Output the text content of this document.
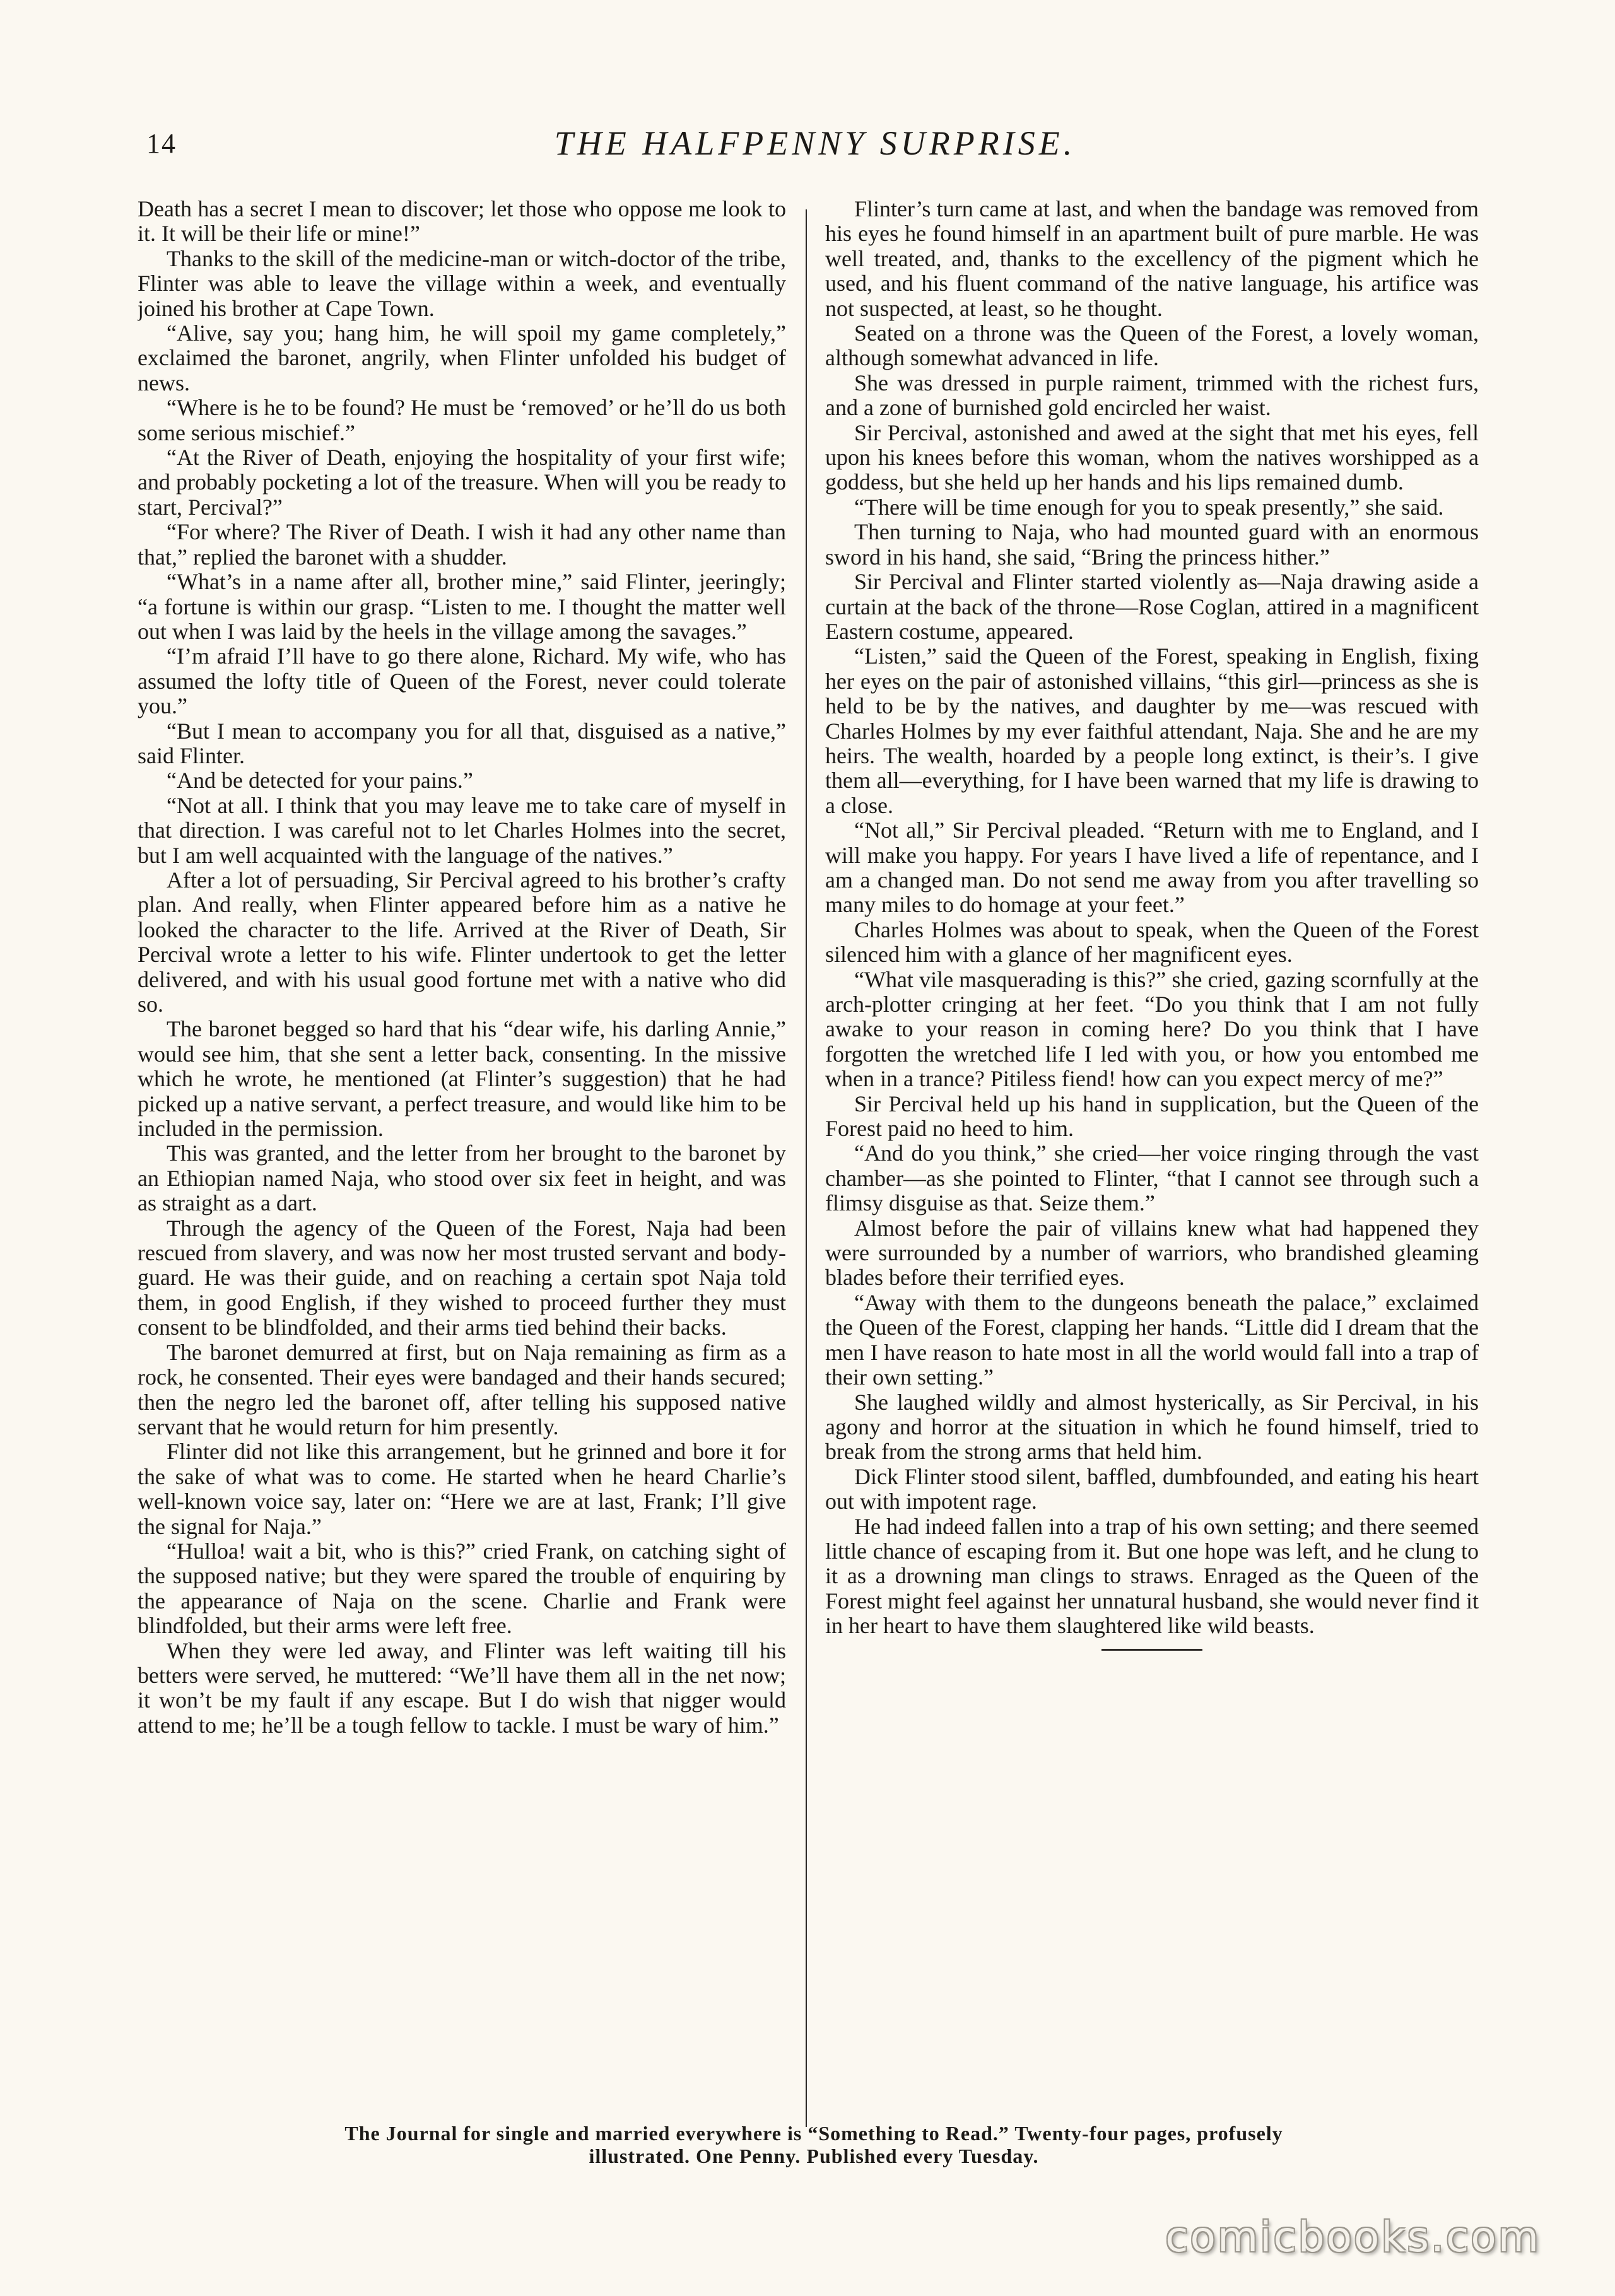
14	THE HALFPENNY SURPRISE.

Death has a secret I mean to discover; let those who oppose me look to it. It will be their life or mine!”

Thanks to the skill of the medicine-man or witch-doctor of the tribe, Flinter was able to leave the village within a week, and eventually joined his brother at Cape Town.

“Alive, say you; hang him, he will spoil my game completely,” exclaimed the baronet, angrily, when Flinter unfolded his budget of news.

“Where is he to be found? He must be ‘removed’ or he’ll do us both some serious mischief.”

“At the River of Death, enjoying the hospitality of your first wife; and probably pocketing a lot of the treasure. When will you be ready to start, Percival?”

“For where? The River of Death. I wish it had any other name than that,” replied the baronet with a shudder.

“What’s in a name after all, brother mine,” said Flinter, jeeringly; “a fortune is within our grasp. “Listen to me. I thought the matter well out when I was laid by the heels in the village among the savages.”

“I’m afraid I’ll have to go there alone, Richard. My wife, who has assumed the lofty title of Queen of the Forest, never could tolerate you.”

“But I mean to accompany you for all that, disguised as a native,” said Flinter.

“And be detected for your pains.”

“Not at all. I think that you may leave me to take care of myself in that direction. I was careful not to let Charles Holmes into the secret, but I am well acquainted with the language of the natives.”

After a lot of persuading, Sir Percival agreed to his brother’s crafty plan. And really, when Flinter appeared before him as a native he looked the character to the life. Arrived at the River of Death, Sir Percival wrote a letter to his wife. Flinter undertook to get the letter delivered, and with his usual good fortune met with a native who did so.

The baronet begged so hard that his “dear wife, his darling Annie,” would see him, that she sent a letter back, consenting. In the missive which he wrote, he mentioned (at Flinter’s suggestion) that he had picked up a native servant, a perfect treasure, and would like him to be included in the permission.

This was granted, and the letter from her brought to the baronet by an Ethiopian named Naja, who stood over six feet in height, and was as straight as a dart.

Through the agency of the Queen of the Forest, Naja had been rescued from slavery, and was now her most trusted servant and body-guard. He was their guide, and on reaching a certain spot Naja told them, in good English, if they wished to proceed further they must consent to be blindfolded, and their arms tied behind their backs.

The baronet demurred at first, but on Naja remaining as firm as a rock, he consented. Their eyes were bandaged and their hands secured; then the negro led the baronet off, after telling his supposed native servant that he would return for him presently.

Flinter did not like this arrangement, but he grinned and bore it for the sake of what was to come. He started when he heard Charlie’s well-known voice say, later on: “Here we are at last, Frank; I’ll give the signal for Naja.”

“Hulloa! wait a bit, who is this?” cried Frank, on catching sight of the supposed native; but they were spared the trouble of enquiring by the appearance of Naja on the scene. Charlie and Frank were blindfolded, but their arms were left free.

When they were led away, and Flinter was left waiting till his betters were served, he muttered: “We’ll have them all in the net now; it won’t be my fault if any escape. But I do wish that nigger would attend to me; he’ll be a tough fellow to tackle. I must be wary of him.”

Flinter’s turn came at last, and when the bandage was removed from his eyes he found himself in an apartment built of pure marble. He was well treated, and, thanks to the excellency of the pigment which he used, and his fluent command of the native language, his artifice was not suspected, at least, so he thought.

Seated on a throne was the Queen of the Forest, a lovely woman, although somewhat advanced in life.

She was dressed in purple raiment, trimmed with the richest furs, and a zone of burnished gold encircled her waist.

Sir Percival, astonished and awed at the sight that met his eyes, fell upon his knees before this woman, whom the natives worshipped as a goddess, but she held up her hands and his lips remained dumb.

“There will be time enough for you to speak presently,” she said.

Then turning to Naja, who had mounted guard with an enormous sword in his hand, she said, “Bring the princess hither.”

Sir Percival and Flinter started violently as—Naja drawing aside a curtain at the back of the throne—Rose Coglan, attired in a magnificent Eastern costume, appeared.

“Listen,” said the Queen of the Forest, speaking in English, fixing her eyes on the pair of astonished villains, “this girl—princess as she is held to be by the natives, and daughter by me—was rescued with Charles Holmes by my ever faithful attendant, Naja. She and he are my heirs. The wealth, hoarded by a people long extinct, is their’s. I give them all—everything, for I have been warned that my life is drawing to a close.

“Not all,” Sir Percival pleaded. “Return with me to England, and I will make you happy. For years I have lived a life of repentance, and I am a changed man. Do not send me away from you after travelling so many miles to do homage at your feet.”

Charles Holmes was about to speak, when the Queen of the Forest silenced him with a glance of her magnificent eyes.

“What vile masquerading is this?” she cried, gazing scornfully at the arch-plotter cringing at her feet. “Do you think that I am not fully awake to your reason in coming here? Do you think that I have forgotten the wretched life I led with you, or how you entombed me when in a trance? Pitiless fiend! how can you expect mercy of me?”

Sir Percival held up his hand in supplication, but the Queen of the Forest paid no heed to him.

“And do you think,” she cried—her voice ringing through the vast chamber—as she pointed to Flinter, “that I cannot see through such a flimsy disguise as that. Seize them.”

Almost before the pair of villains knew what had happened they were surrounded by a number of warriors, who brandished gleaming blades before their terrified eyes.

“Away with them to the dungeons beneath the palace,” exclaimed the Queen of the Forest, clapping her hands. “Little did I dream that the men I have reason to hate most in all the world would fall into a trap of their own setting.”

She laughed wildly and almost hysterically, as Sir Percival, in his agony and horror at the situation in which he found himself, tried to break from the strong arms that held him.

Dick Flinter stood silent, baffled, dumbfounded, and eating his heart out with impotent rage.

He had indeed fallen into a trap of his own setting; and there seemed little chance of escaping from it. But one hope was left, and he clung to it as a drowning man clings to straws. Enraged as the Queen of the Forest might feel against her unnatural husband, she would never find it in her heart to have them slaughtered like wild beasts.

The Journal for single and married everywhere is “Something to Read.” Twenty-four pages, profusely
illustrated. One Penny. Published every Tuesday.
comicbooks.com
